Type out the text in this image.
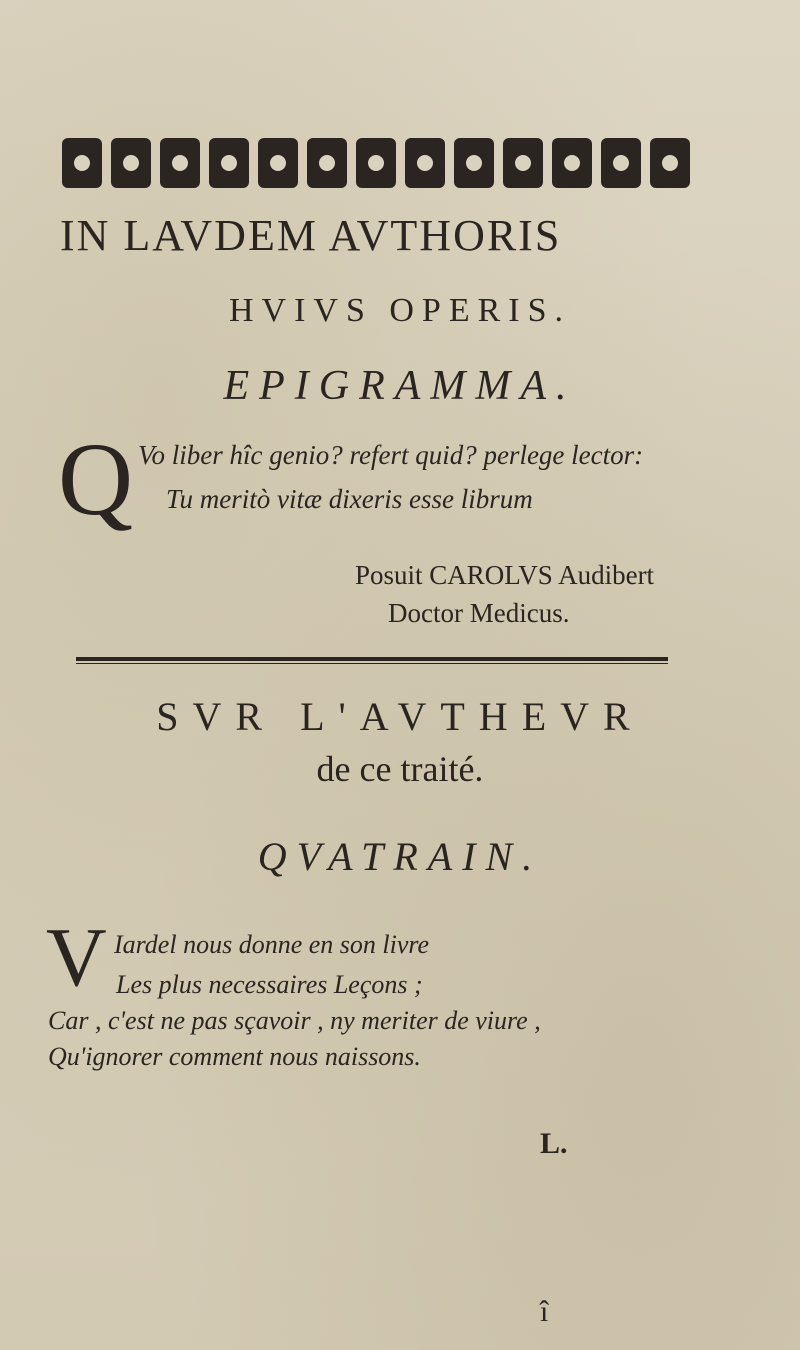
IN LAVDEM AVTHORIS
HVIVS OPERIS.
EPIGRAMMA.
Q Vo liber hîc genio? refert quid? perlege lector:
Tu meritò vitæ dixeris esse librum
Posuit CAROLVS Audibert
Doctor Medicus.
SVR L'AVTHEVR
de ce traité.
QVATRAIN.
V Iardel nous donne en son livre
Les plus necessaires Leçons ;
Car , c'est ne pas sçavoir , ny meriter de viure ,
Qu'ignorer comment nous naissons.
L.
î
